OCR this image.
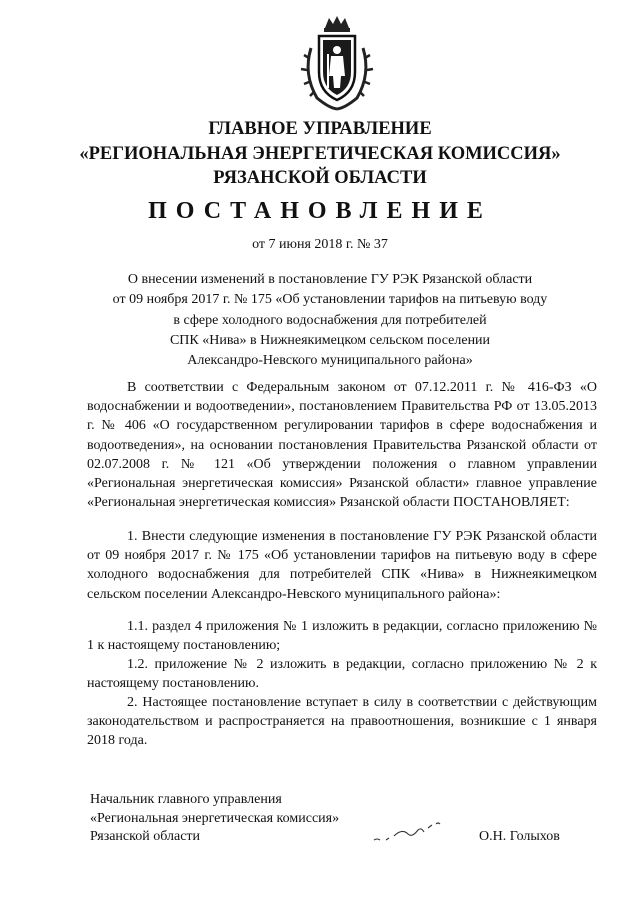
ГЛАВНОЕ УПРАВЛЕНИЕ
«РЕГИОНАЛЬНАЯ ЭНЕРГЕТИЧЕСКАЯ КОМИССИЯ»
РЯЗАНСКОЙ ОБЛАСТИ
ПОСТАНОВЛЕНИЕ
от 7 июня 2018 г. № 37
О внесении изменений в постановление ГУ РЭК Рязанской области
от 09 ноября 2017 г. № 175 «Об установлении тарифов на питьевую воду
в сфере холодного водоснабжения для потребителей
СПК «Нива» в Нижнеякимецком сельском поселении
Александро-Невского муниципального района»
В соответствии с Федеральным законом от 07.12.2011 г. № 416-ФЗ «О водоснабжении и водоотведении», постановлением Правительства РФ от 13.05.2013 г. № 406 «О государственном регулировании тарифов в сфере водоснабжения и водоотведения», на основании постановления Правительства Рязанской области от 02.07.2008 г. № 121 «Об утверждении положения о главном управлении «Региональная энергетическая комиссия» Рязанской области» главное управление «Региональная энергетическая комиссия» Рязанской области ПОСТАНОВЛЯЕТ:
1. Внести следующие изменения в постановление ГУ РЭК Рязанской области от 09 ноября 2017 г. № 175 «Об установлении тарифов на питьевую воду в сфере холодного водоснабжения для потребителей СПК «Нива» в Нижнеякимецком сельском поселении Александро-Невского муниципального района»:
1.1. раздел 4 приложения № 1 изложить в редакции, согласно приложению № 1 к настоящему постановлению;
1.2. приложение № 2 изложить в редакции, согласно приложению № 2 к настоящему постановлению.
2. Настоящее постановление вступает в силу в соответствии с действующим законодательством и распространяется на правоотношения, возникшие с 1 января 2018 года.
Начальник главного управления
«Региональная энергетическая комиссия»
Рязанской области	О.Н. Голыхов
